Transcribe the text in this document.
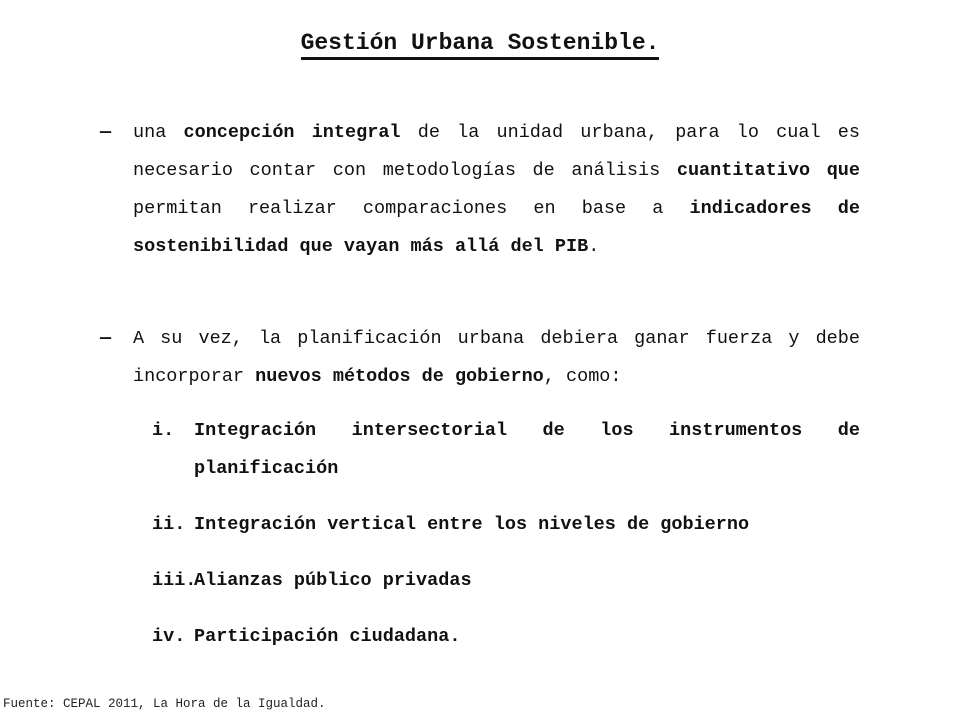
Gestión Urbana Sostenible.
— una concepción integral de la unidad urbana, para lo cual es necesario contar con metodologías de análisis cuantitativo que permitan realizar comparaciones en base a indicadores de sostenibilidad que vayan más allá del PIB.
— A su vez, la planificación urbana debiera ganar fuerza y debe incorporar nuevos métodos de gobierno, como:
i. Integración intersectorial de los instrumentos de planificación
ii. Integración vertical entre los niveles de gobierno
iii.
Alianzas público privadas
iv. Participación ciudadana.
Fuente: CEPAL 2011, La Hora de la Igualdad.
